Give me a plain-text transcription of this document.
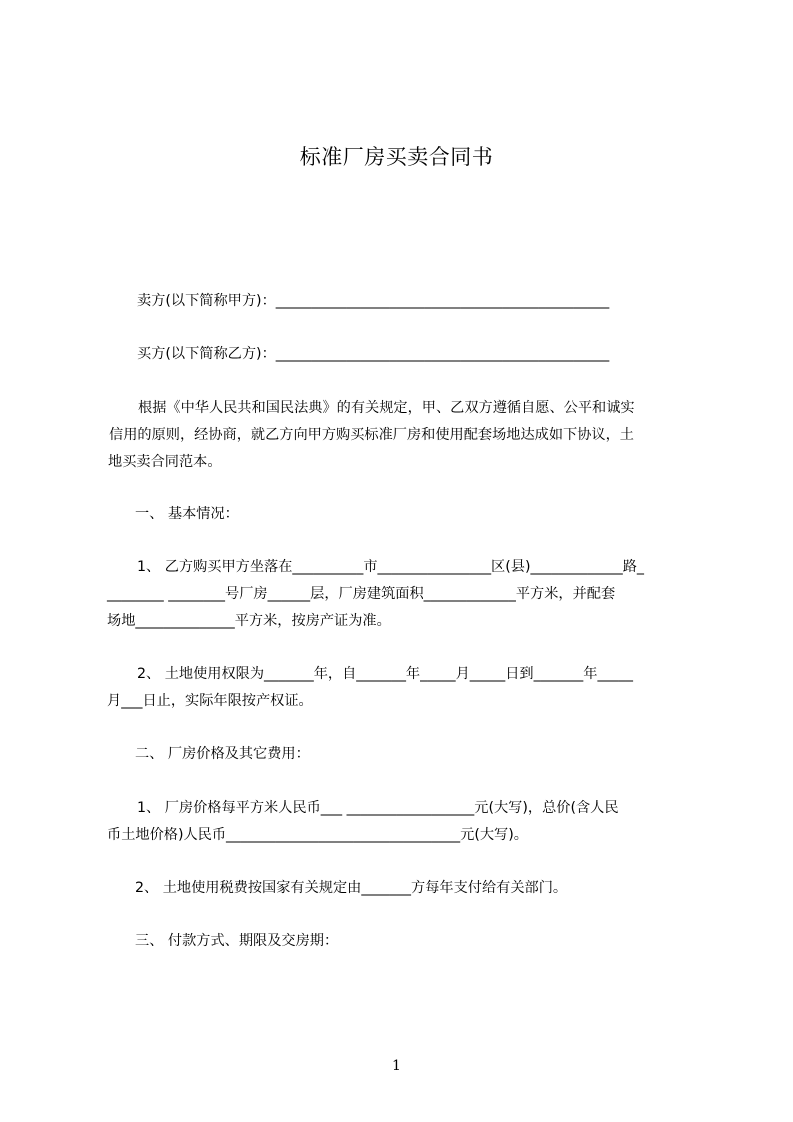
标准厂房买卖合同书
卖方(以下简称甲方)：_______________________________________________
买方(以下简称乙方)：_______________________________________________
根据《中华人民共和国民法典》的有关规定，甲、乙双方遵循自愿、公平和诚实
信用的原则，经协商，就乙方向甲方购买标准厂房和使用配套场地达成如下协议，土
地买卖合同范本。
一、 基本情况：
1、 乙方购买甲方坐落在__________市________________区(县)_____________路_
________ ________号厂房______层，厂房建筑面积_____________平方米，并配套
场地______________平方米，按房产证为准。
2、 土地使用权限为_______年，自_______年_____月_____日到_______年_____
月___日止，实际年限按产权证。
二、 厂房价格及其它费用：
1、 厂房价格每平方米人民币___ __________________元(大写)，总价(含人民
币土地价格)人民币_________________________________元(大写)。
2、 土地使用税费按国家有关规定由_______方每年支付给有关部门。
三、 付款方式、期限及交房期：
1
